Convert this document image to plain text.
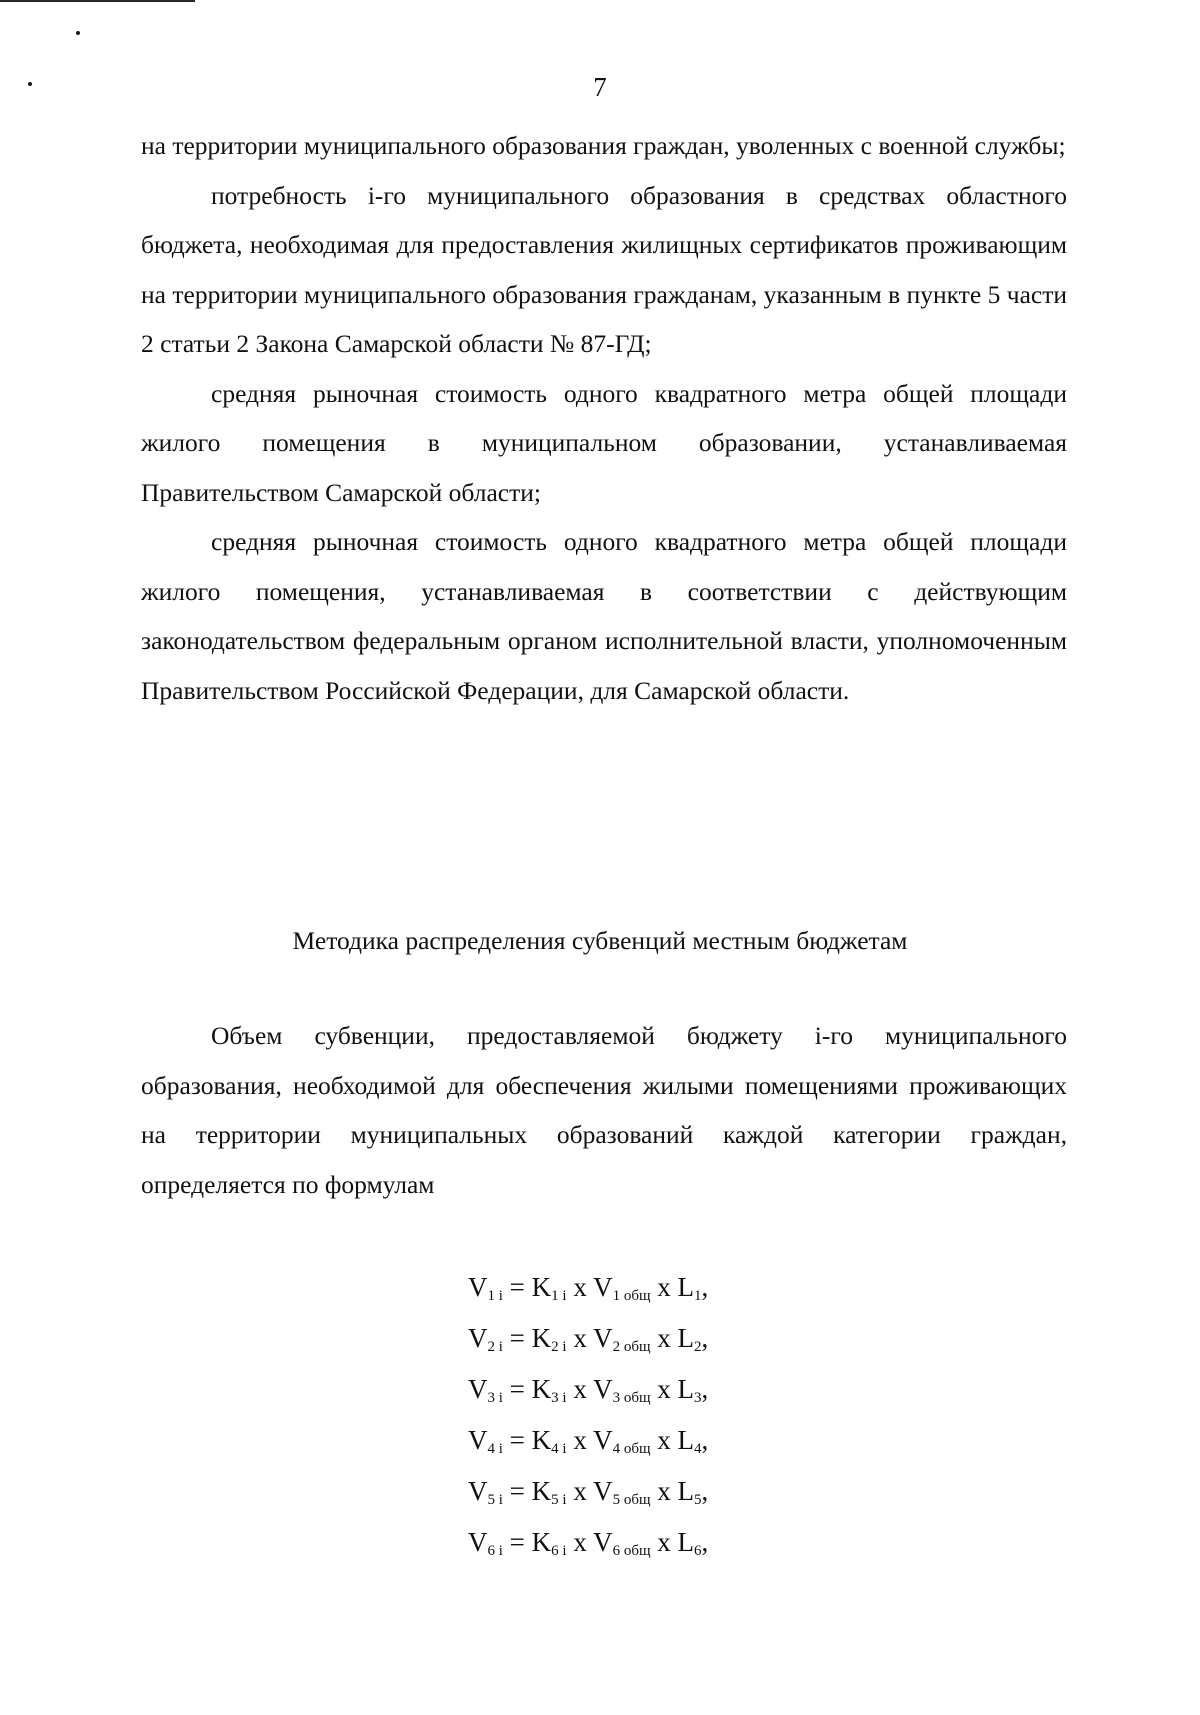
7

на территории муниципального образования граждан, уволенных с военной службы;

потребность i-го муниципального образования в средствах областного бюджета, необходимая для предоставления жилищных сертификатов проживающим на территории муниципального образования гражданам, указанным в пункте 5 части 2 статьи 2 Закона Самарской области № 87-ГД;

средняя рыночная стоимость одного квадратного метра общей площади жилого помещения в муниципальном образовании, устанавливаемая Правительством Самарской области;

средняя рыночная стоимость одного квадратного метра общей площади жилого помещения, устанавливаемая в соответствии с действующим законодательством федеральным органом исполнительной власти, уполномоченным Правительством Российской Федерации, для Самарской области.

Методика распределения субвенций местным бюджетам

Объем субвенции, предоставляемой бюджету i-го муниципального образования, необходимой для обеспечения жилыми помещениями проживающих на территории муниципальных образований каждой категории граждан, определяется по формулам

$V_{1 i} = K_{1 i}$ x $V_{1 общ}$ x $L_1$,
$V_{2 i} = K_{2 i}$ x $V_{2 общ}$ x $L_2$,
$V_{3 i} = K_{3 i}$ x $V_{3 общ}$ x $L_3$,
$V_{4 i} = K_{4 i}$ x $V_{4 общ}$ x $L_4$,
$V_{5 i} = K_{5 i}$ x $V_{5 общ}$ x $L_5$,
$V_{6 i} = K_{6 i}$ x $V_{6 общ}$ x $L_6$,
